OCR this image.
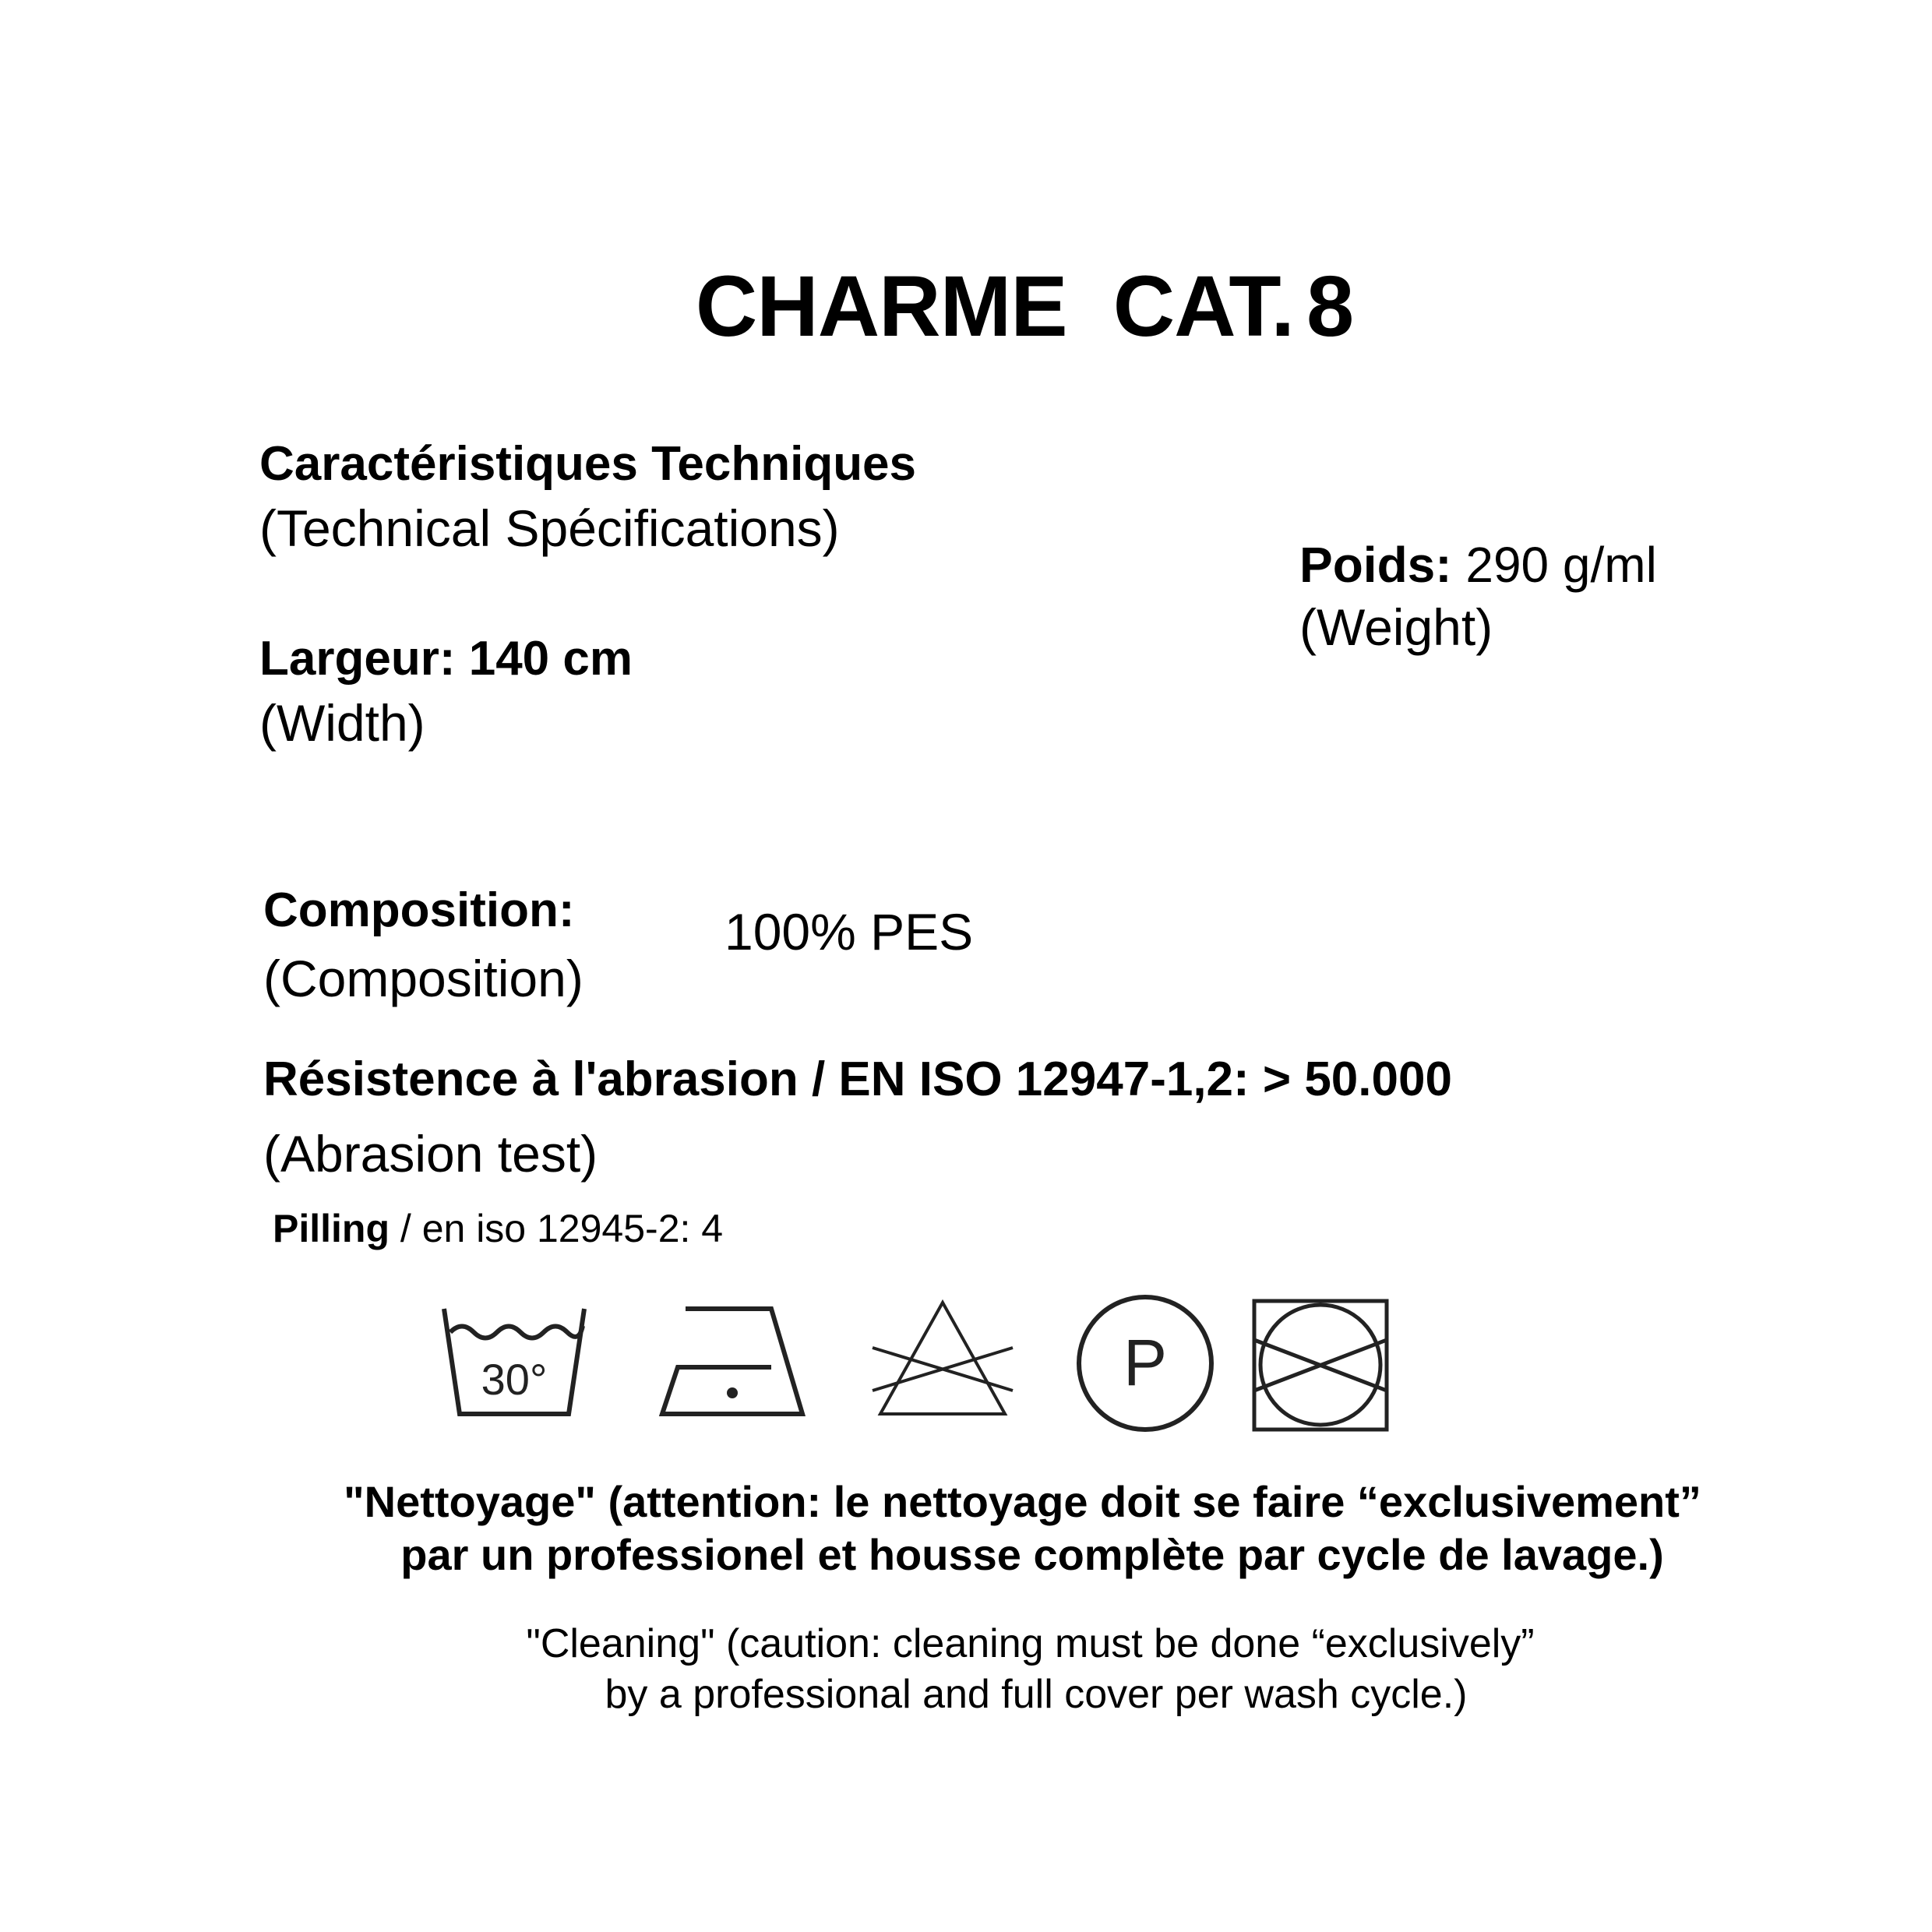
CHARME CAT. 8
Caractéristiques Techniques
(Technical Spécifications)
Largeur: 140 cm
(Width)
Poids: 290 g/ml
(Weight)
Composition:	100% PES
(Composition)
Résistence à l'abrasion / EN ISO 12947-1,2: > 50.000
(Abrasion test)
Pilling / en iso 12945-2: 4
30°	P
"Nettoyage" (attention: le nettoyage doit se faire “exclusivement”
par un professionel et housse complète par cycle de lavage.)
"Cleaning" (caution: cleaning must be done “exclusively”
by a professional and full cover per wash cycle.)
